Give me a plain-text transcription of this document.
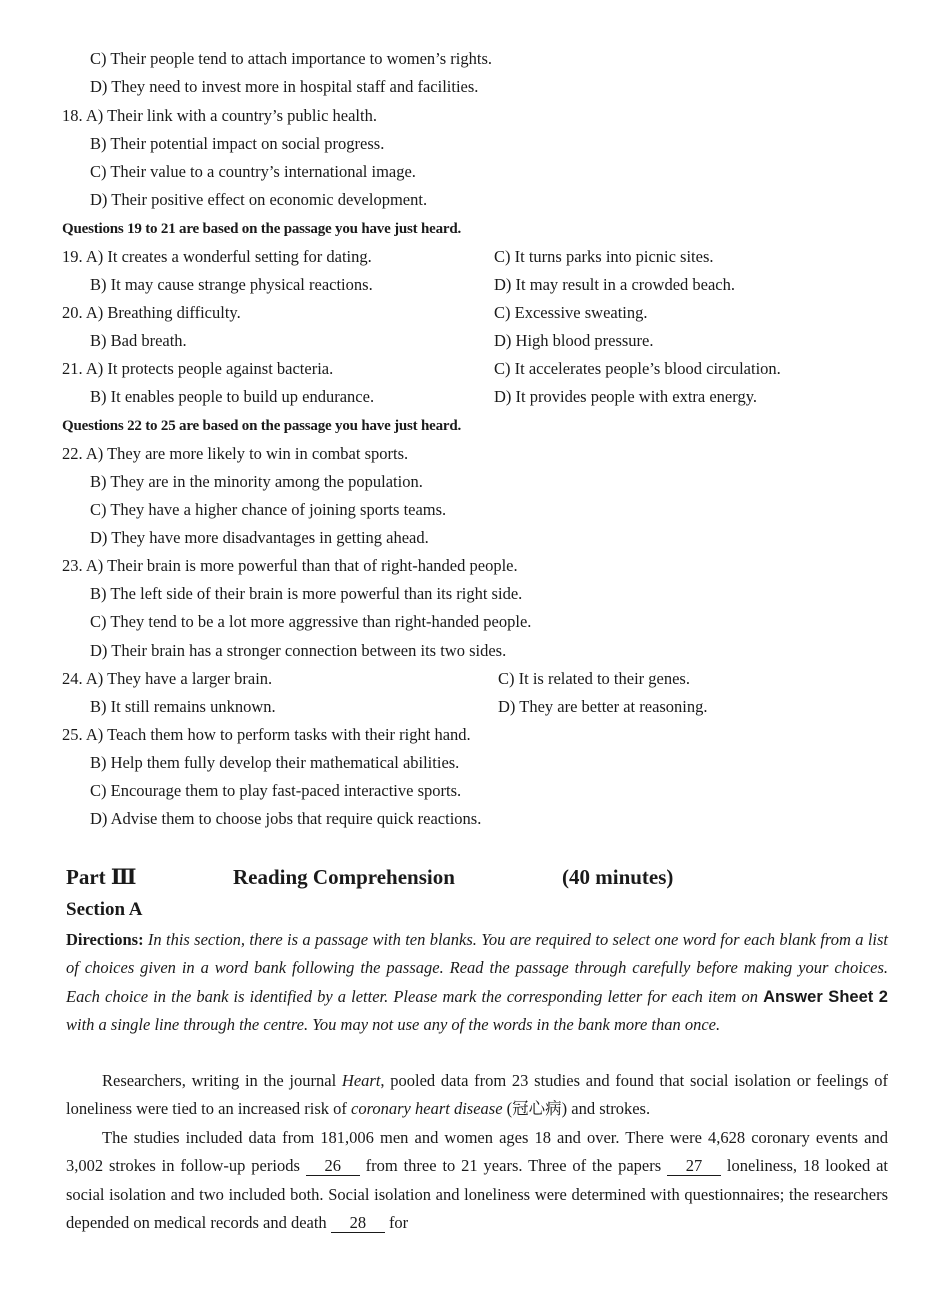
C) Their people tend to attach importance to women’s rights.
D) They need to invest more in hospital staff and facilities.
18. A) Their link with a country’s public health.
B) Their potential impact on social progress.
C) Their value to a country’s international image.
D) Their positive effect on economic development.
Questions 19 to 21 are based on the passage you have just heard.
19. A) It creates a wonderful setting for dating.	C) It turns parks into picnic sites.
B) It may cause strange physical reactions.	D) It may result in a crowded beach.
20. A) Breathing difficulty.	C) Excessive sweating.
B) Bad breath.	D) High blood pressure.
21. A) It protects people against bacteria.	C) It accelerates people’s blood circulation.
B) It enables people to build up endurance.	D) It provides people with extra energy.
Questions 22 to 25 are based on the passage you have just heard.
22. A) They are more likely to win in combat sports.
B) They are in the minority among the population.
C) They have a higher chance of joining sports teams.
D) They have more disadvantages in getting ahead.
23. A) Their brain is more powerful than that of right-handed people.
B) The left side of their brain is more powerful than its right side.
C) They tend to be a lot more aggressive than right-handed people.
D) Their brain has a stronger connection between its two sides.
24. A) They have a larger brain.	C) It is related to their genes.
B) It still remains unknown.	D) They are better at reasoning.
25. A) Teach them how to perform tasks with their right hand.
B) Help them fully develop their mathematical abilities.
C) Encourage them to play fast-paced interactive sports.
D) Advise them to choose jobs that require quick reactions.
Part Ⅲ	Reading Comprehension	(40 minutes)
Section A
Directions: In this section, there is a passage with ten blanks. You are required to select one word for each blank from a list of choices given in a word bank following the passage. Read the passage through carefully before making your choices. Each choice in the bank is identified by a letter. Please mark the corresponding letter for each item on Answer Sheet 2 with a single line through the centre. You may not use any of the words in the bank more than once.
Researchers, writing in the journal Heart, pooled data from 23 studies and found that social isolation or feelings of loneliness were tied to an increased risk of coronary heart disease (冠心病) and strokes.
The studies included data from 181,006 men and women ages 18 and over. There were 4,628 coronary events and 3,002 strokes in follow-up periods 26 from three to 21 years. Three of the papers 27 loneliness, 18 looked at social isolation and two included both. Social isolation and loneliness were determined with questionnaires; the researchers depended on medical records and death 28 for
